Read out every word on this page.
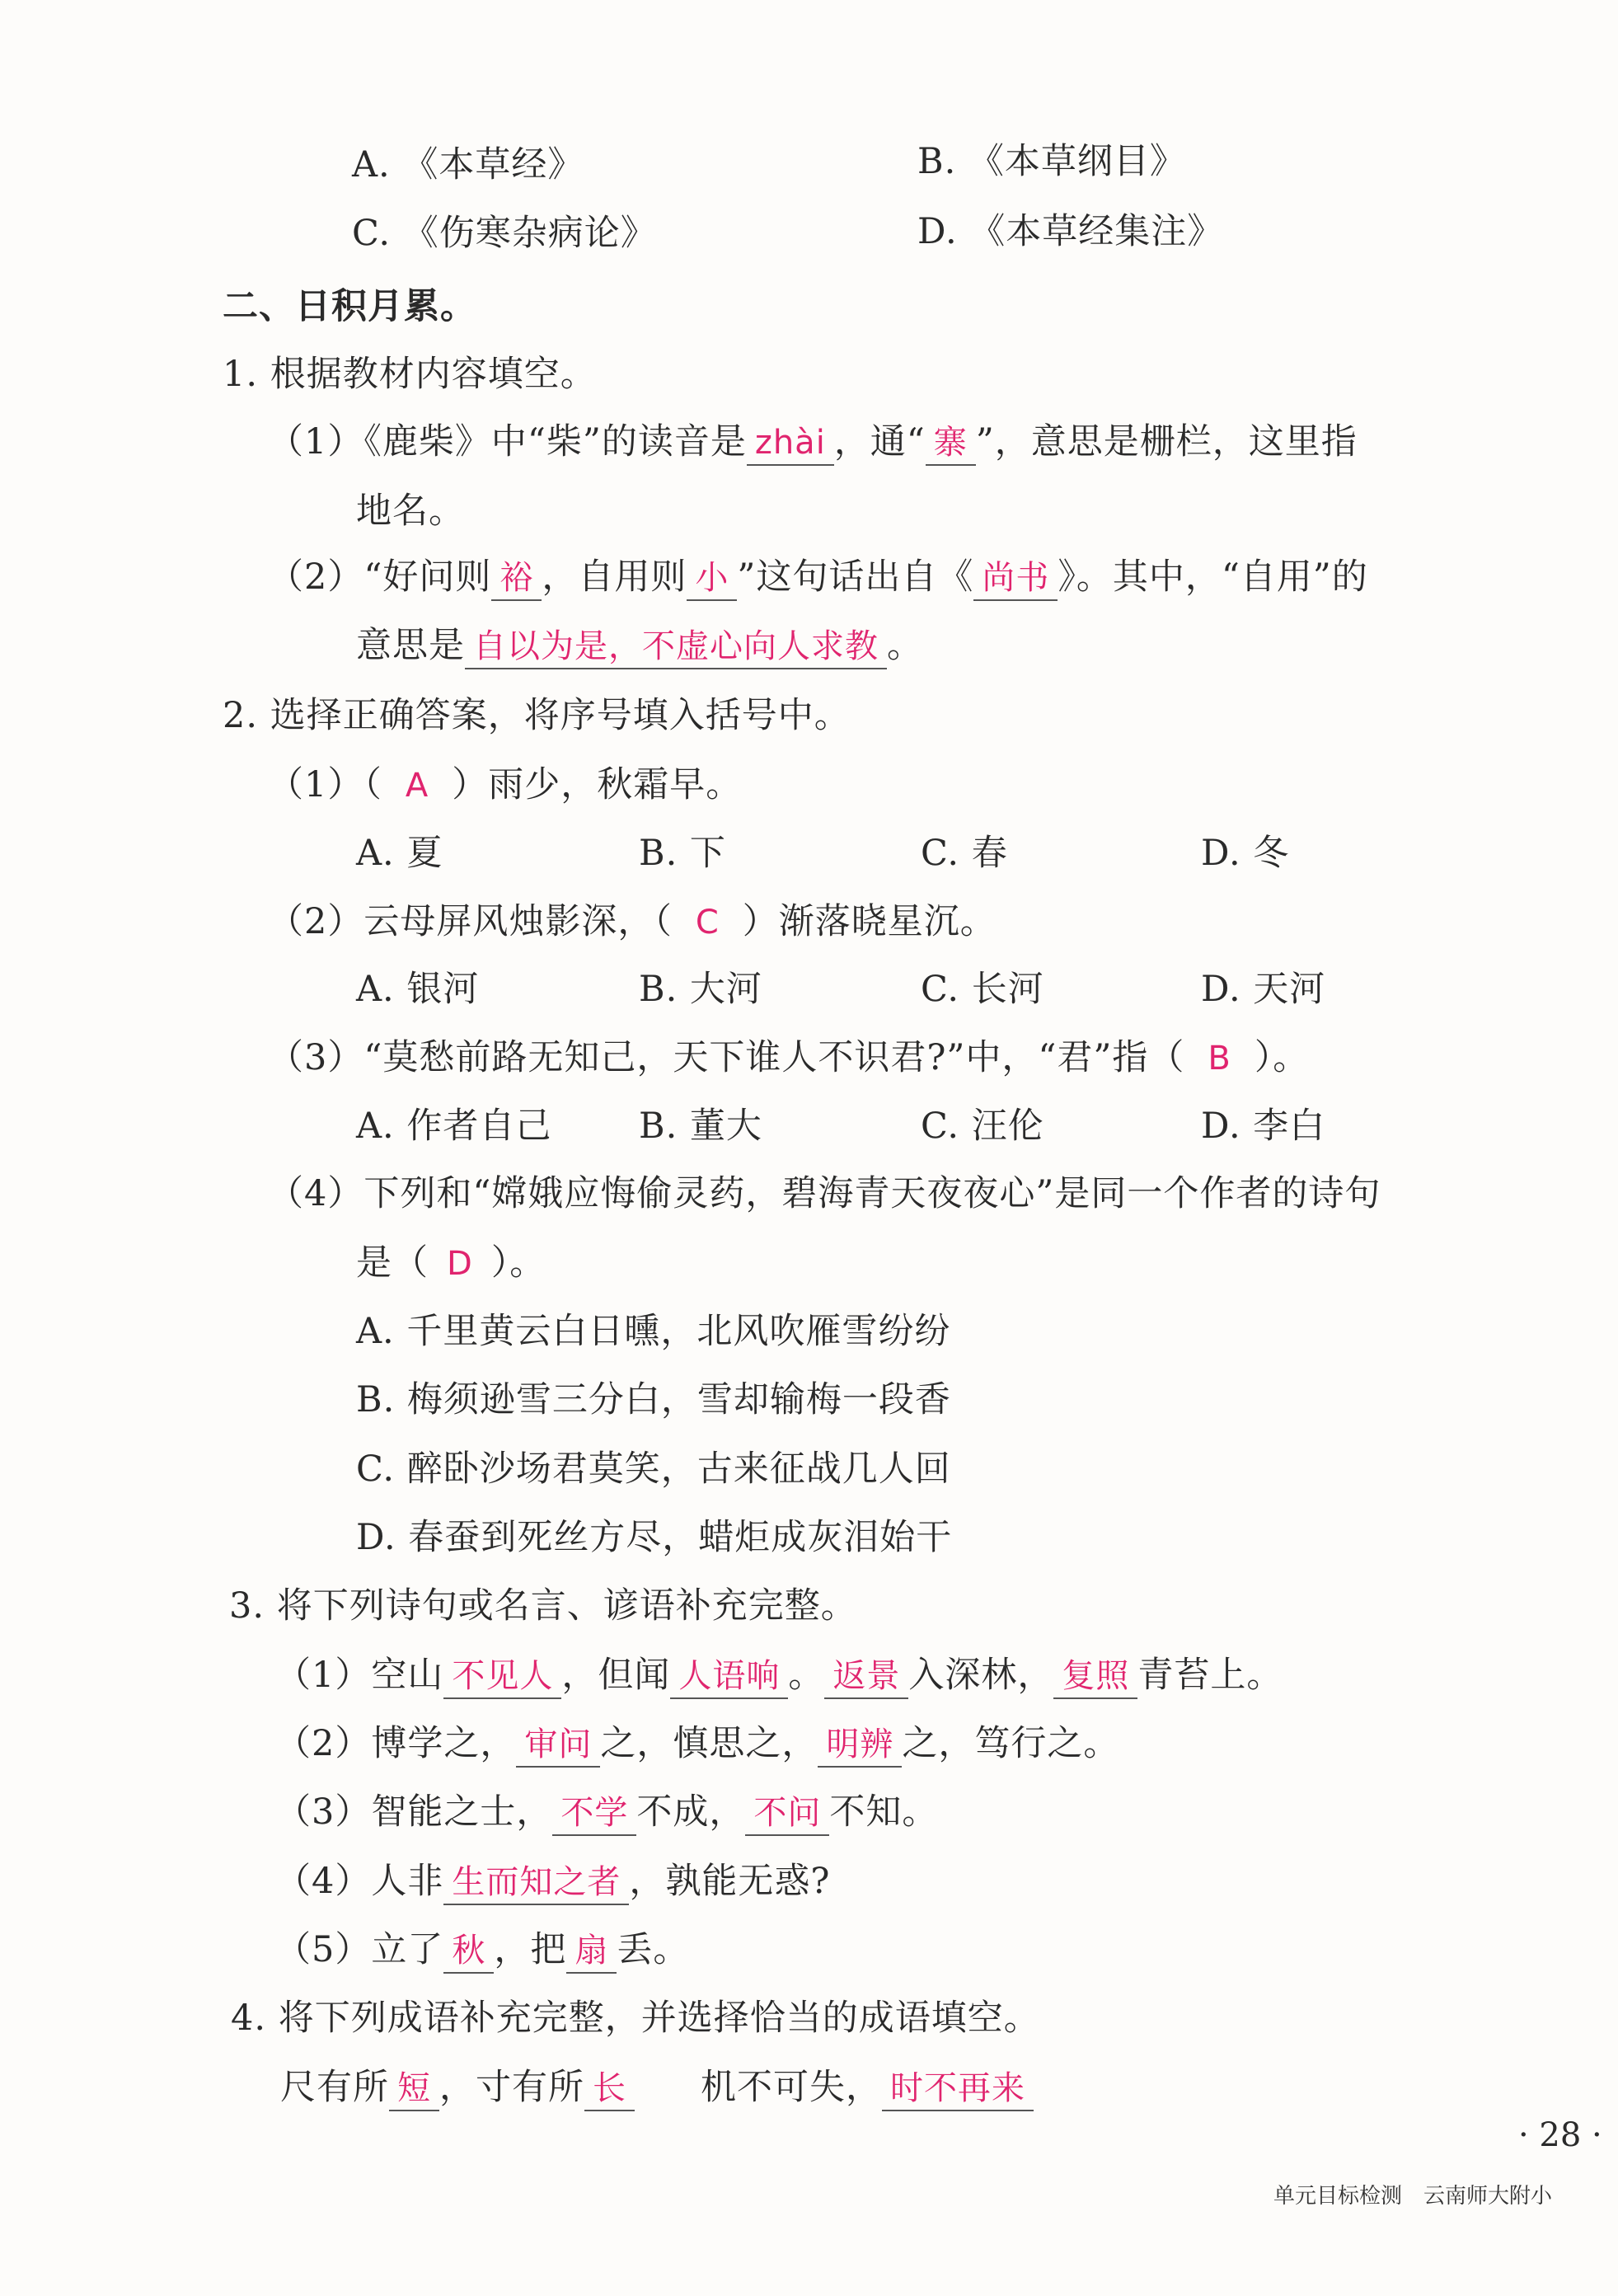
A. 《本草经》	B. 《本草纲目》
C. 《伤寒杂病论》	D. 《本草经集注》
二、日积月累。
1. 根据教材内容填空。
（1）《鹿柴》中“柴”的读音是 zhài ，通“ 寨 ”，意思是栅栏，这里指
地名。
（2）“好问则 裕 ，自用则 小 ”这句话出自《 尚书 》。其中，“自用”的
意思是 自以为是，不虚心向人求教 。
2. 选择正确答案，将序号填入括号中。
（1）（ A ）雨少，秋霜早。
A. 夏	B. 下	C. 春	D. 冬
（2）云母屏风烛影深，（ C ）渐落晓星沉。
A. 银河	B. 大河	C. 长河	D. 天河
（3）“莫愁前路无知己，天下谁人不识君?”中，“君”指（ B ）。
A. 作者自己 B. 董大	C. 汪伦	D. 李白
（4）下列和“嫦娥应悔偷灵药，碧海青天夜夜心”是同一个作者的诗句
是（ D ）。
A. 千里黄云白日曛，北风吹雁雪纷纷
B. 梅须逊雪三分白，雪却输梅一段香
C. 醉卧沙场君莫笑，古来征战几人回
D. 春蚕到死丝方尽，蜡炬成灰泪始干
3. 将下列诗句或名言、谚语补充完整。
（1）空山 不见人 ，但闻 人语响 。 返景 入深林， 复照 青苔上。
（2）博学之， 审问 之，慎思之， 明辨 之，笃行之。
（3）智能之士， 不学 不成， 不问 不知。
（4）人非 生而知之者 ，孰能无惑?
（5）立了 秋 ，把 扇 丢。
4. 将下列成语补充完整，并选择恰当的成语填空。
尺有所 短 ，寸有所 长 机不可失， 时不再来
· 28 ·
单元目标检测　云南师大附小
